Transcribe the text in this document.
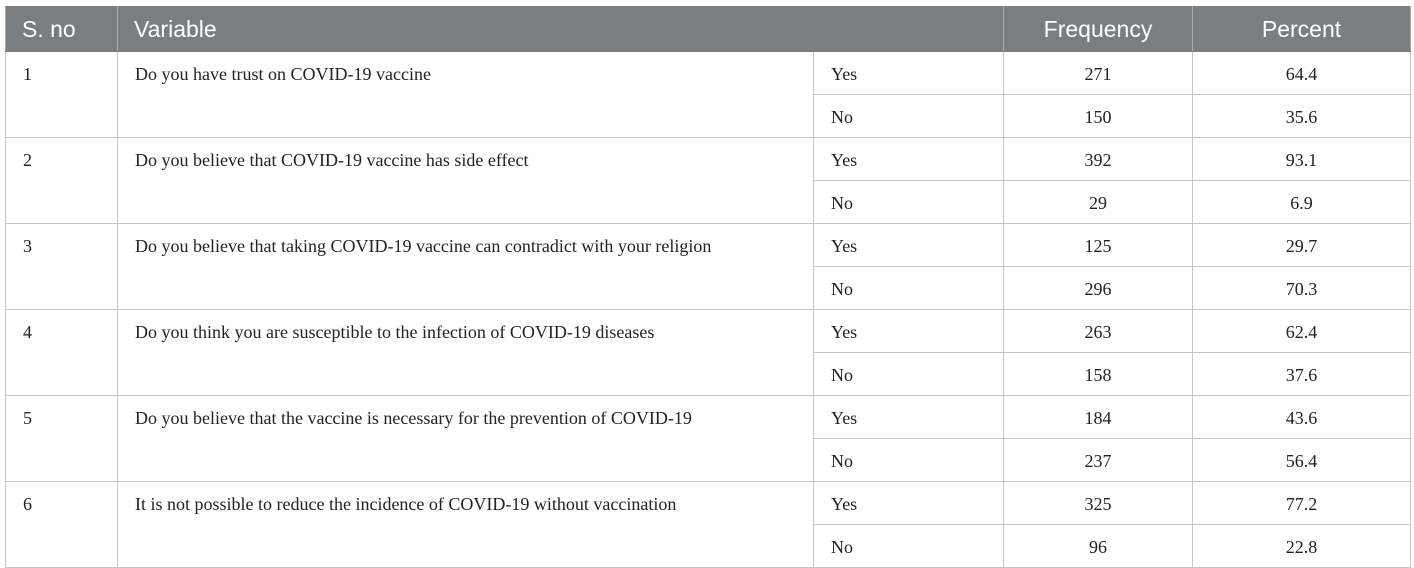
S. no	Variable		Frequency	Percent

1	Do you have trust on COVID-19 vaccine	Yes	271	64.4

		No	150	35.6

2	Do you believe that COVID-19 vaccine has side effect	Yes	392	93.1

		No	29	6.9

3	Do you believe that taking COVID-19 vaccine can contradict with your religion	Yes	125	29.7

		No	296	70.3

4	Do you think you are susceptible to the infection of COVID-19 diseases	Yes	263	62.4

		No	158	37.6

5	Do you believe that the vaccine is necessary for the prevention of COVID-19	Yes	184	43.6

		No	237	56.4

6	It is not possible to reduce the incidence of COVID-19 without vaccination	Yes	325	77.2

		No	96	22.8
